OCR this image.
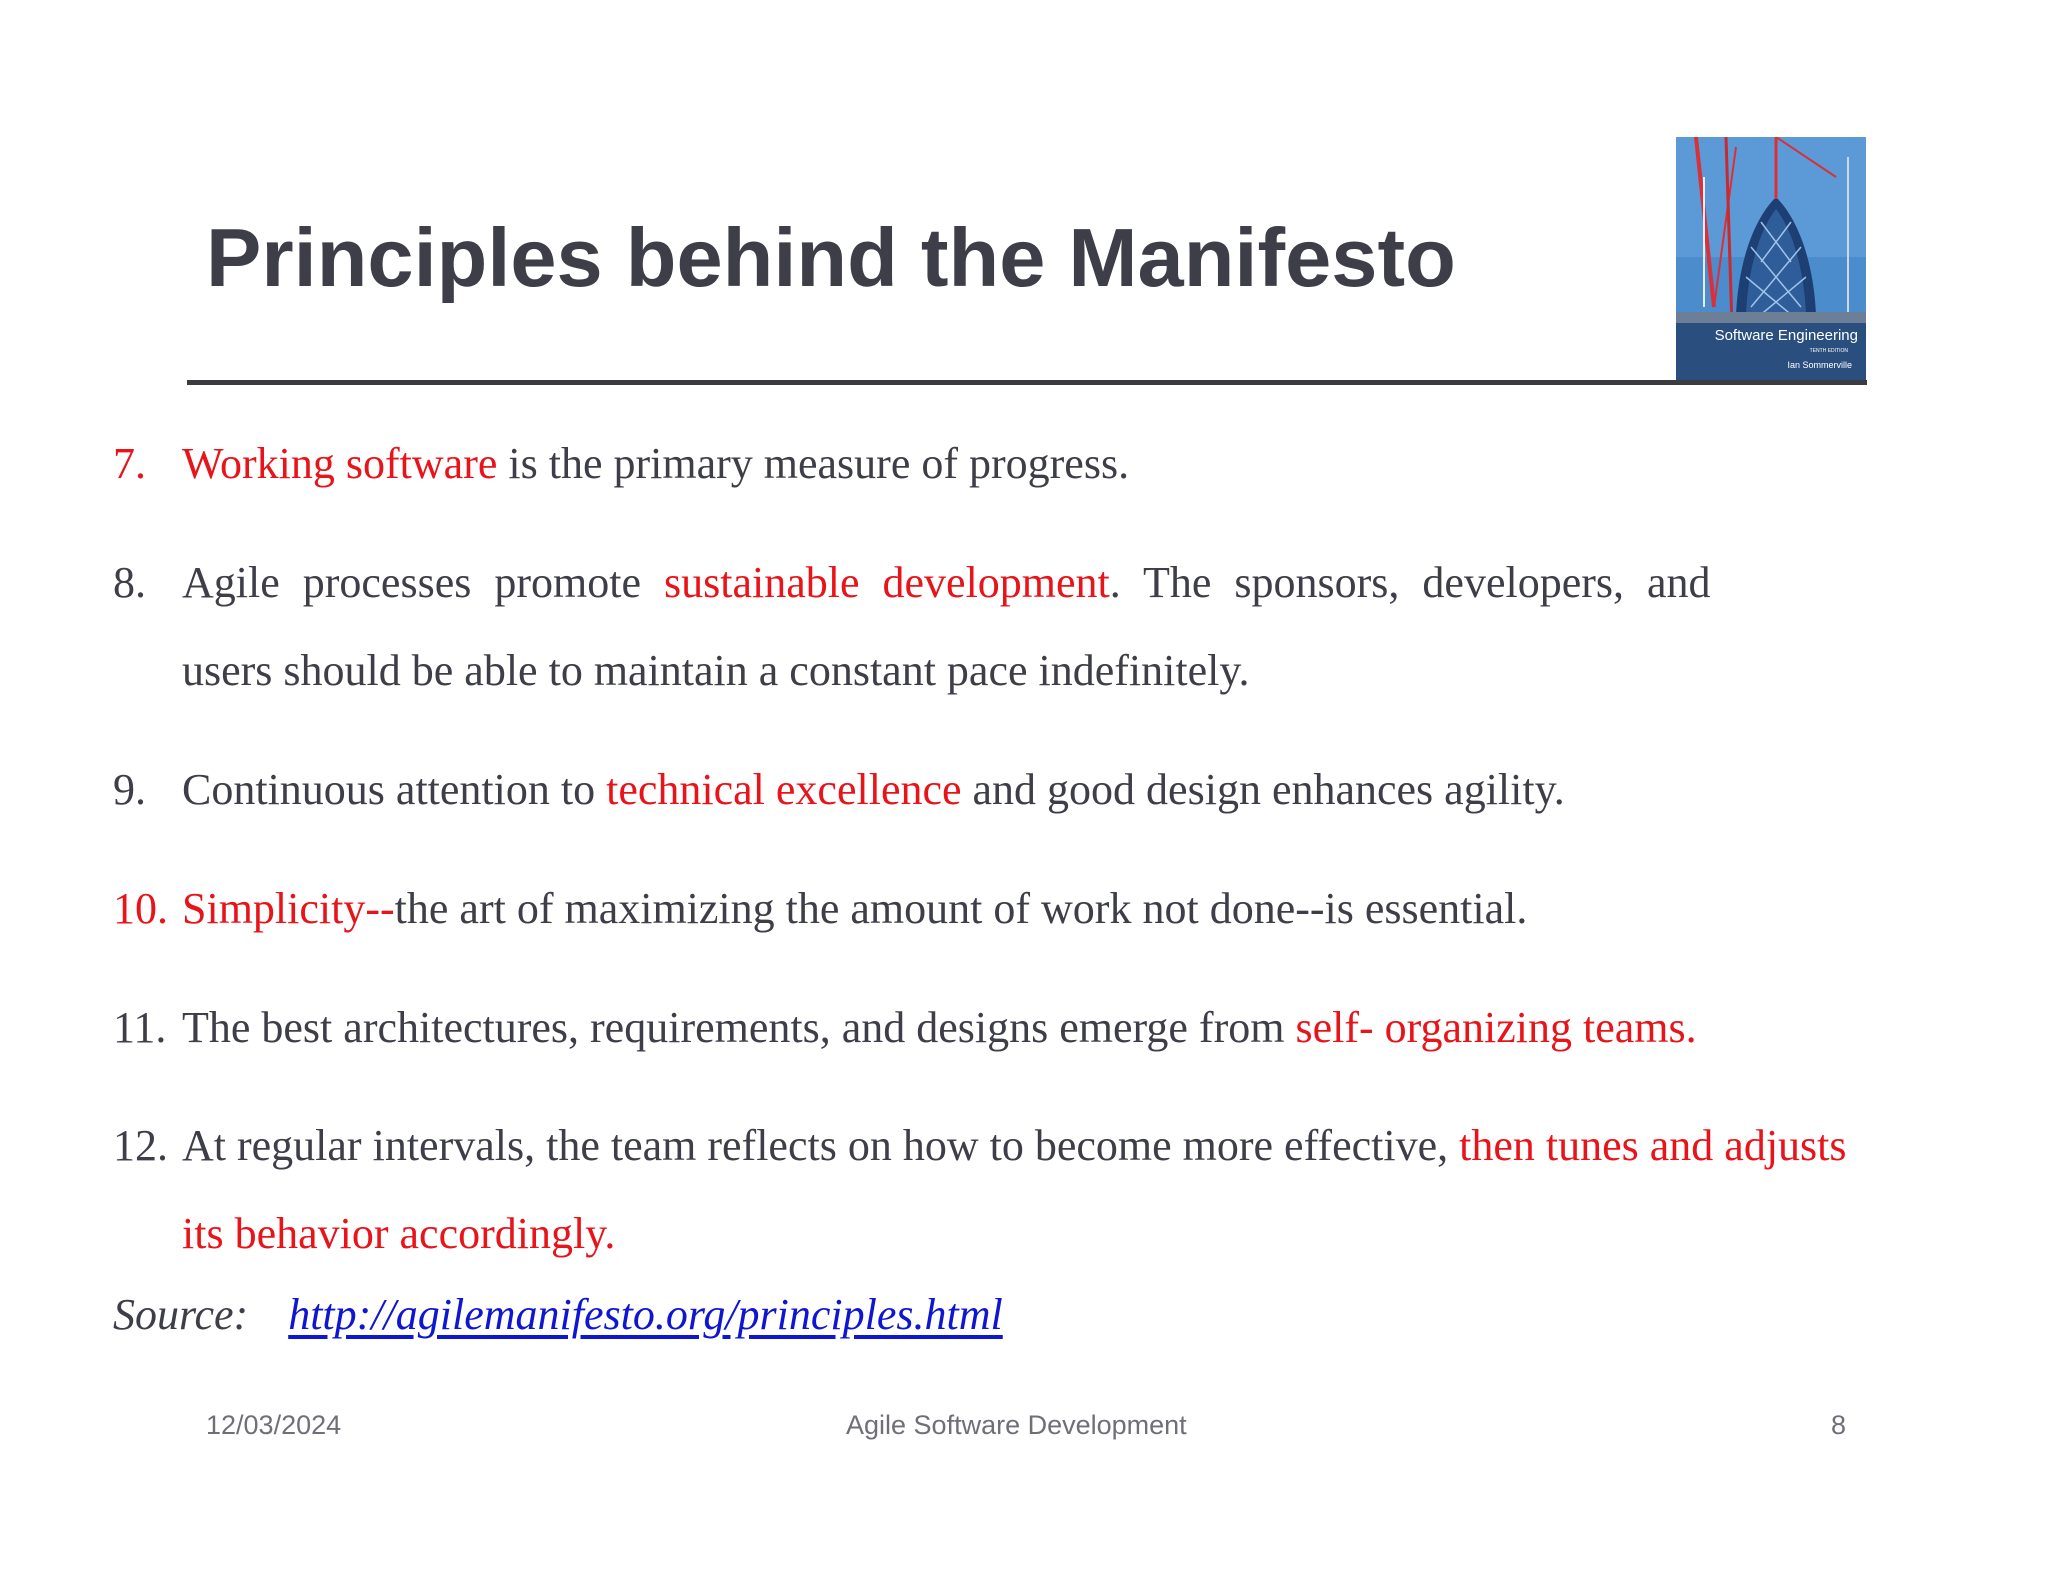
Principles behind the Manifesto
Software Engineering
TENTH EDITION
Ian Sommerville
7. Working software is the primary measure of progress.
8. Agile processes promote sustainable development. The sponsors, developers, and
users should be able to maintain a constant pace indefinitely.
9. Continuous attention to technical excellence and good design enhances agility.
10. Simplicity--the art of maximizing the amount of work not done--is essential.
11. The best architectures, requirements, and designs emerge from self- organizing teams.
12. At regular intervals, the team reflects on how to become more effective, then tunes and adjusts
its behavior accordingly.
Source: http://agilemanifesto.org/principles.html
12/03/2024	Agile Software Development	8
